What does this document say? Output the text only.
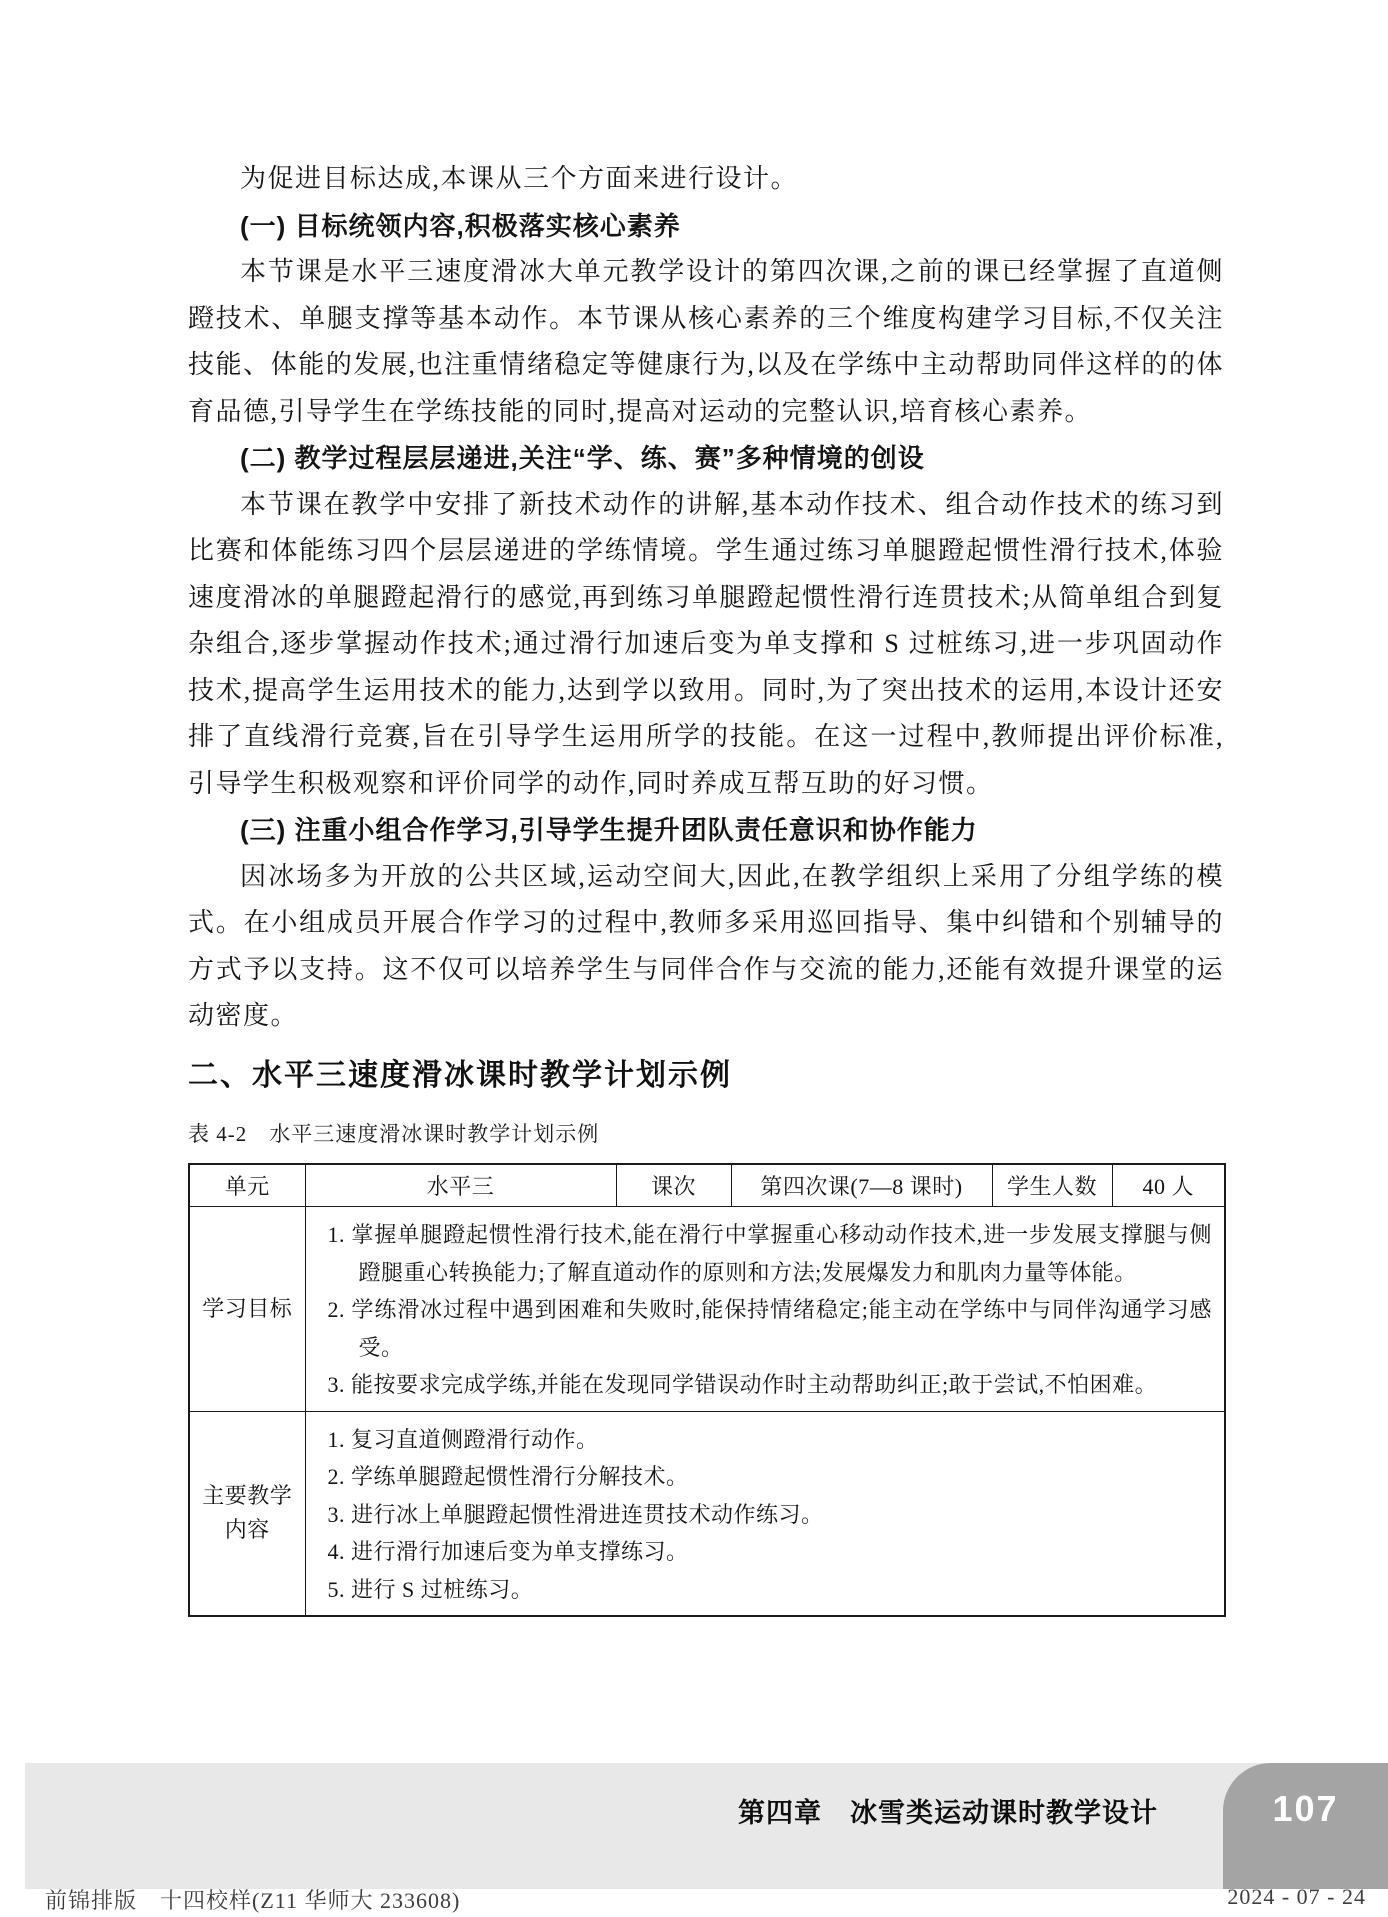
为促进目标达成,本课从三个方面来进行设计。

(一) 目标统领内容,积极落实核心素养

本节课是水平三速度滑冰大单元教学设计的第四次课,之前的课已经掌握了直道侧蹬技术、单腿支撑等基本动作。本节课从核心素养的三个维度构建学习目标,不仅关注技能、体能的发展,也注重情绪稳定等健康行为,以及在学练中主动帮助同伴这样的的体育品德,引导学生在学练技能的同时,提高对运动的完整认识,培育核心素养。

(二) 教学过程层层递进,关注“学、练、赛”多种情境的创设

本节课在教学中安排了新技术动作的讲解,基本动作技术、组合动作技术的练习到比赛和体能练习四个层层递进的学练情境。学生通过练习单腿蹬起惯性滑行技术,体验速度滑冰的单腿蹬起滑行的感觉,再到练习单腿蹬起惯性滑行连贯技术;从简单组合到复杂组合,逐步掌握动作技术;通过滑行加速后变为单支撑和 S 过桩练习,进一步巩固动作技术,提高学生运用技术的能力,达到学以致用。同时,为了突出技术的运用,本设计还安排了直线滑行竞赛,旨在引导学生运用所学的技能。在这一过程中,教师提出评价标准,引导学生积极观察和评价同学的动作,同时养成互帮互助的好习惯。

(三) 注重小组合作学习,引导学生提升团队责任意识和协作能力

因冰场多为开放的公共区域,运动空间大,因此,在教学组织上采用了分组学练的模式。在小组成员开展合作学习的过程中,教师多采用巡回指导、集中纠错和个别辅导的方式予以支持。这不仅可以培养学生与同伴合作与交流的能力,还能有效提升课堂的运动密度。

二、水平三速度滑冰课时教学计划示例
表 4-2　水平三速度滑冰课时教学计划示例
单元	水平三	课次	第四次课(7—8 课时)	学生人数	40 人
学习目标	1. 掌握单腿蹬起惯性滑行技术,能在滑行中掌握重心移动动作技术,进一步发展支撑腿与侧蹬腿重心转换能力;了解直道动作的原则和方法;发展爆发力和肌肉力量等体能。
2. 学练滑冰过程中遇到困难和失败时,能保持情绪稳定;能主动在学练中与同伴沟通学习感受。
3. 能按要求完成学练,并能在发现同学错误动作时主动帮助纠正;敢于尝试,不怕困难。				

主要教学
内容

1. 复习直道侧蹬滑行动作。
2. 学练单腿蹬起惯性滑行分解技术。
3. 进行冰上单腿蹬起惯性滑进连贯技术动作练习。
4. 进行滑行加速后变为单支撑练习。
5. 进行 S 过桩练习。
第四章　冰雪类运动课时教学设计	107
前锦排版　十四校样(Z11 华师大 233608)	2024 - 07 - 24
